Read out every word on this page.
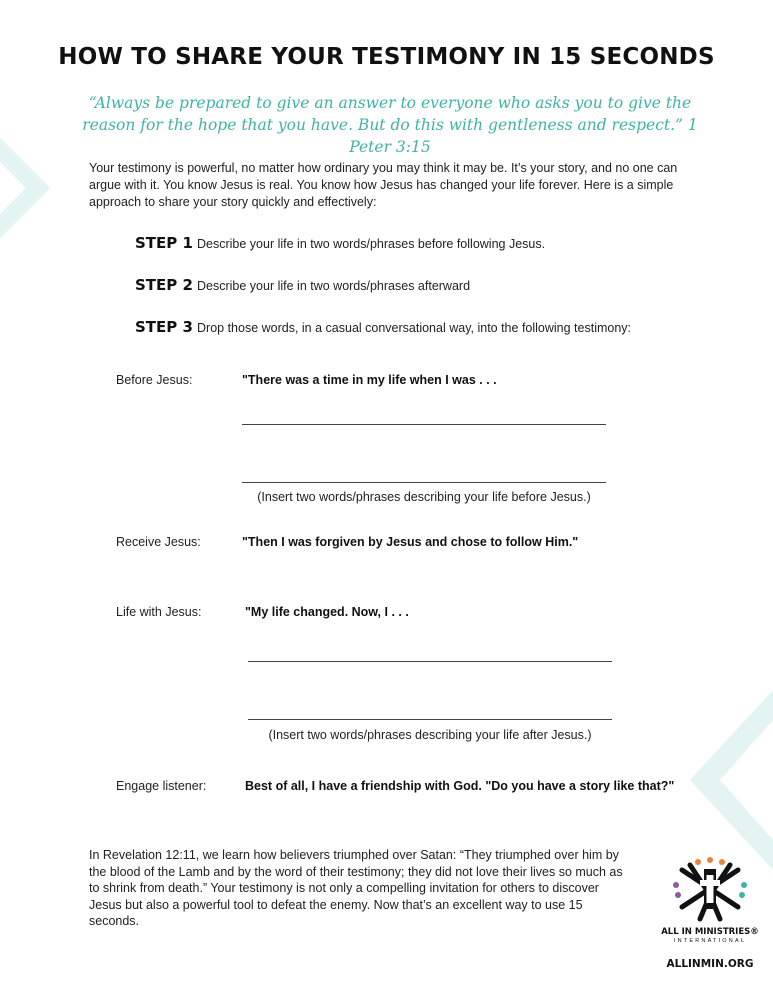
HOW TO SHARE YOUR TESTIMONY IN 15 SECONDS
“Always be prepared to give an answer to everyone who asks you to give the reason for the hope that you have. But do this with gentleness and respect.” 1 Peter 3:15
Your testimony is powerful, no matter how ordinary you may think it may be. It’s your story, and no one can argue with it. You know Jesus is real. You know how Jesus has changed your life forever. Here is a simple approach to share your story quickly and effectively:
STEP 1 Describe your life in two words/phrases before following Jesus.
STEP 2 Describe your life in two words/phrases afterward
STEP 3 Drop those words, in a casual conversational way, into the following testimony:
Before Jesus:	"There was a time in my life when I was . . .
(Insert two words/phrases describing your life before Jesus.)
Receive Jesus:	"Then I was forgiven by Jesus and chose to follow Him."
Life with Jesus:	"My life changed. Now, I . . .
(Insert two words/phrases describing your life after Jesus.)
Engage listener:	Best of all, I have a friendship with God. "Do you have a story like that?"
In Revelation 12:11, we learn how believers triumphed over Satan: “They triumphed over him by the blood of the Lamb and by the word of their testimony; they did not love their lives so much as to shrink from death.” Your testimony is not only a compelling invitation for others to discover Jesus but also a powerful tool to defeat the enemy. Now that’s an excellent way to use 15 seconds.
ALL IN MINISTRIES®
INTERNATIONAL
ALLINMIN.ORG
